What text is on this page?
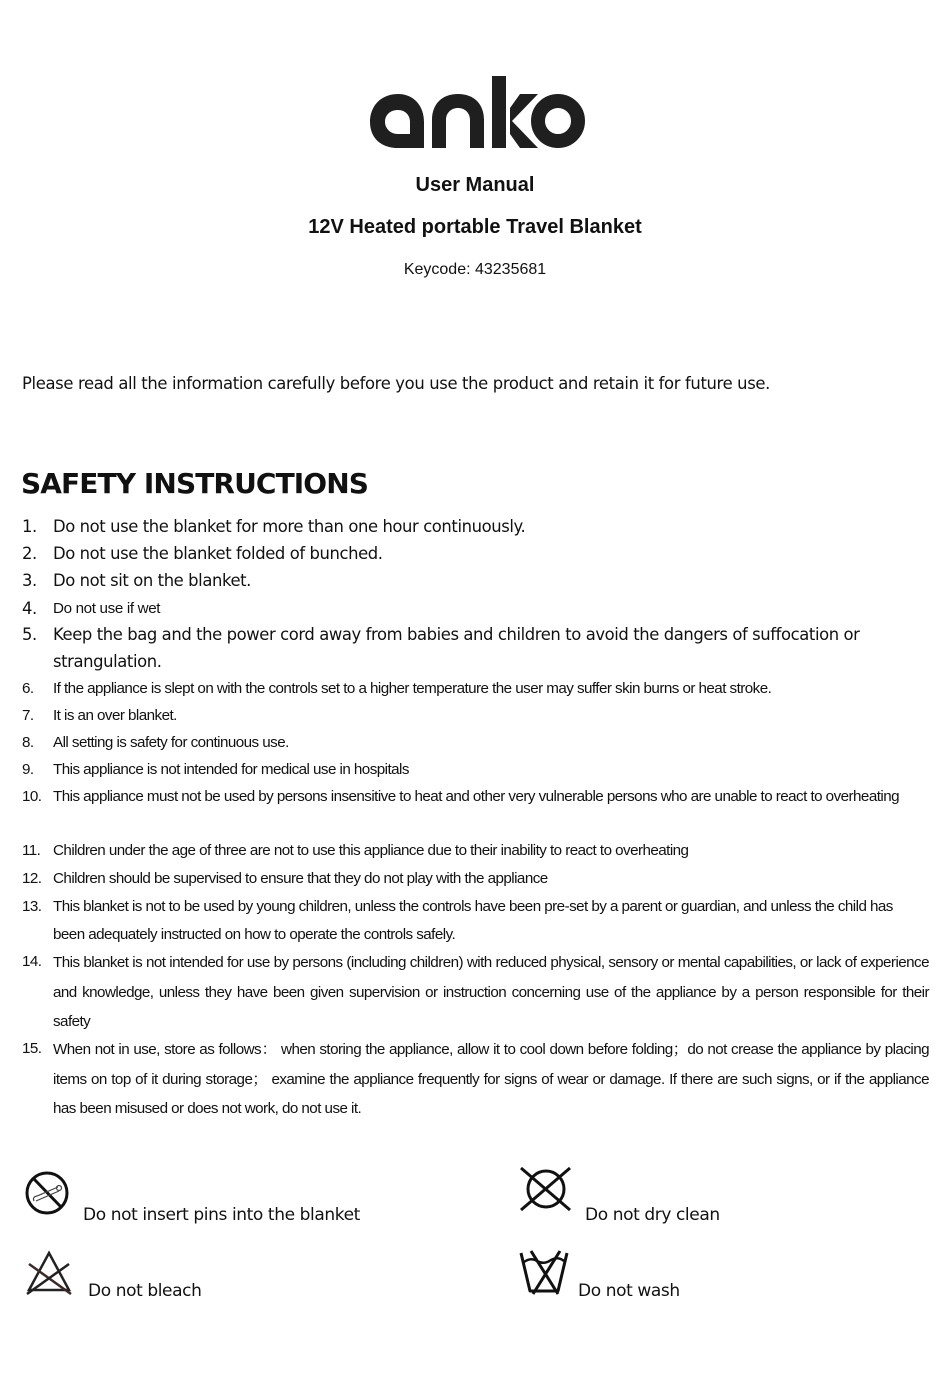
User Manual
12V Heated portable Travel Blanket
Keycode: 43235681
Please read all the information carefully before you use the product and retain it for future use.
SAFETY INSTRUCTIONS
1. Do not use the blanket for more than one hour continuously.
2. Do not use the blanket folded of bunched.
3. Do not sit on the blanket.
4. Do not use if wet
5. Keep the bag and the power cord away from babies and children to avoid the dangers of suffocation or strangulation.
6. If the appliance is slept on with the controls set to a higher temperature the user may suffer skin burns or heat stroke.
7. It is an over blanket.
8. All setting is safety for continuous use.
9. This appliance is not intended for medical use in hospitals
10. This appliance must not be used by persons insensitive to heat and other very vulnerable persons who are unable to react to overheating
11. Children under the age of three are not to use this appliance due to their inability to react to overheating
12. Children should be supervised to ensure that they do not play with the appliance
13. This blanket is not to be used by young children, unless the controls have been pre-set by a parent or guardian, and unless the child has been adequately instructed on how to operate the controls safely.
14. This blanket is not intended for use by persons (including children) with reduced physical, sensory or mental capabilities, or lack of experience and knowledge, unless they have been given supervision or instruction concerning use of the appliance by a person responsible for their safety
15. When not in use, store as follows： when storing the appliance, allow it to cool down before folding；do not crease the appliance by placing items on top of it during storage； examine the appliance frequently for signs of wear or damage. If there are such signs, or if the appliance has been misused or does not work, do not use it.
Do not insert pins into the blanket	Do not dry clean
Do not bleach	Do not wash
